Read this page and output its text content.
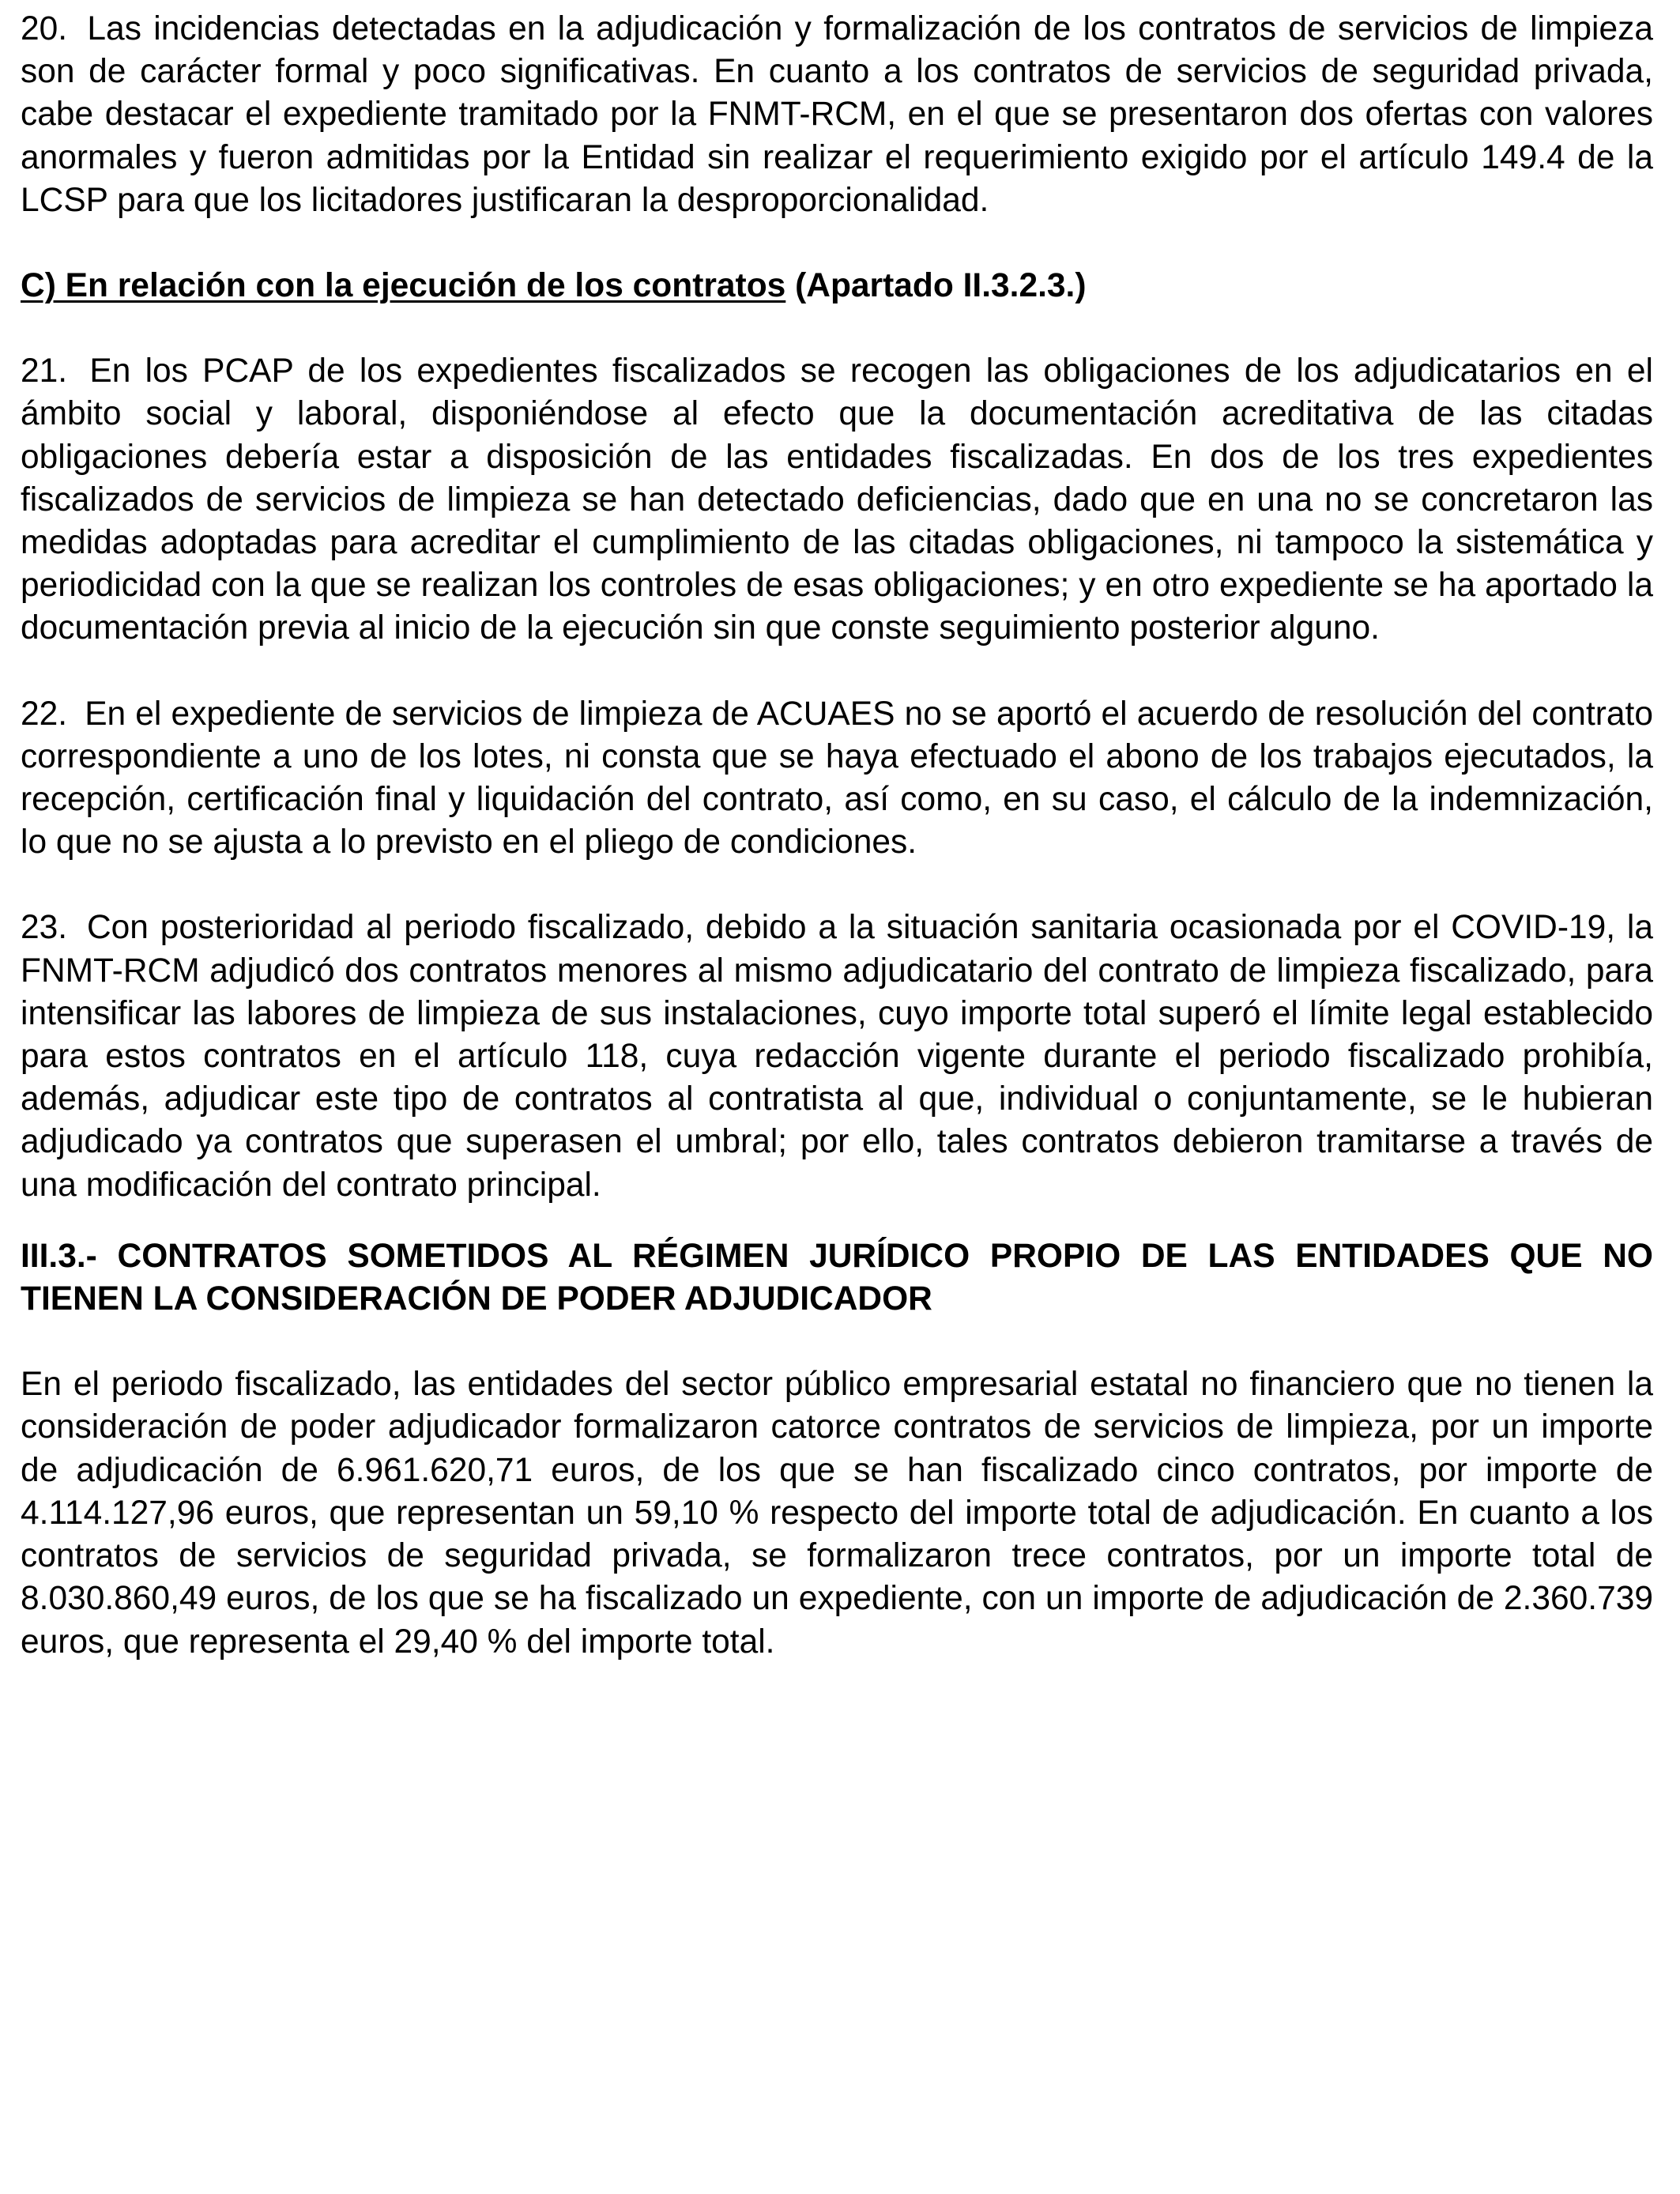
20. Las incidencias detectadas en la adjudicación y formalización de los contratos de servicios de limpieza son de carácter formal y poco significativas. En cuanto a los contratos de servicios de seguridad privada, cabe destacar el expediente tramitado por la FNMT-RCM, en el que se presentaron dos ofertas con valores anormales y fueron admitidas por la Entidad sin realizar el requerimiento exigido por el artículo 149.4 de la LCSP para que los licitadores justificaran la desproporcionalidad.

C) En relación con la ejecución de los contratos (Apartado II.3.2.3.)

21. En los PCAP de los expedientes fiscalizados se recogen las obligaciones de los adjudicatarios en el ámbito social y laboral, disponiéndose al efecto que la documentación acreditativa de las citadas obligaciones debería estar a disposición de las entidades fiscalizadas. En dos de los tres expedientes fiscalizados de servicios de limpieza se han detectado deficiencias, dado que en una no se concretaron las medidas adoptadas para acreditar el cumplimiento de las citadas obligaciones, ni tampoco la sistemática y periodicidad con la que se realizan los controles de esas obligaciones; y en otro expediente se ha aportado la documentación previa al inicio de la ejecución sin que conste seguimiento posterior alguno.

22. En el expediente de servicios de limpieza de ACUAES no se aportó el acuerdo de resolución del contrato correspondiente a uno de los lotes, ni consta que se haya efectuado el abono de los trabajos ejecutados, la recepción, certificación final y liquidación del contrato, así como, en su caso, el cálculo de la indemnización, lo que no se ajusta a lo previsto en el pliego de condiciones.

23. Con posterioridad al periodo fiscalizado, debido a la situación sanitaria ocasionada por el COVID-19, la FNMT-RCM adjudicó dos contratos menores al mismo adjudicatario del contrato de limpieza fiscalizado, para intensificar las labores de limpieza de sus instalaciones, cuyo importe total superó el límite legal establecido para estos contratos en el artículo 118, cuya redacción vigente durante el periodo fiscalizado prohibía, además, adjudicar este tipo de contratos al contratista al que, individual o conjuntamente, se le hubieran adjudicado ya contratos que superasen el umbral; por ello, tales contratos debieron tramitarse a través de una modificación del contrato principal.

III.3.- CONTRATOS SOMETIDOS AL RÉGIMEN JURÍDICO PROPIO DE LAS ENTIDADES QUE NO TIENEN LA CONSIDERACIÓN DE PODER ADJUDICADOR

En el periodo fiscalizado, las entidades del sector público empresarial estatal no financiero que no tienen la consideración de poder adjudicador formalizaron catorce contratos de servicios de limpieza, por un importe de adjudicación de 6.961.620,71 euros, de los que se han fiscalizado cinco contratos, por importe de 4.114.127,96 euros, que representan un 59,10 % respecto del importe total de adjudicación. En cuanto a los contratos de servicios de seguridad privada, se formalizaron trece contratos, por un importe total de 8.030.860,49 euros, de los que se ha fiscalizado un expediente, con un importe de adjudicación de 2.360.739 euros, que representa el 29,40 % del importe total.
